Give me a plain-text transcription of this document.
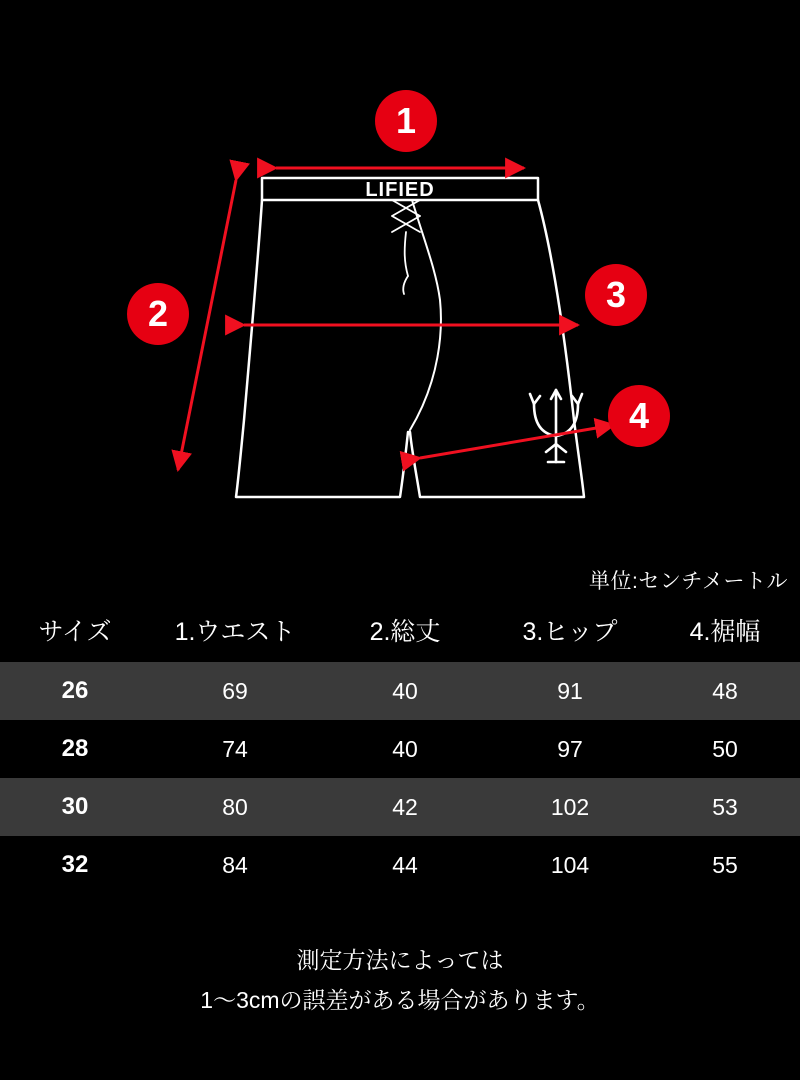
LIFIED
1
2	3
4
単位:センチメートル
サイズ	1.ウエスト	2.総丈	3.ヒップ	4.裾幅
26	69	40	91	48
28	74	40	97	50
30	80	42	102	53
32	84	44	104	55
測定方法によっては
1〜3cmの誤差がある場合があります。
